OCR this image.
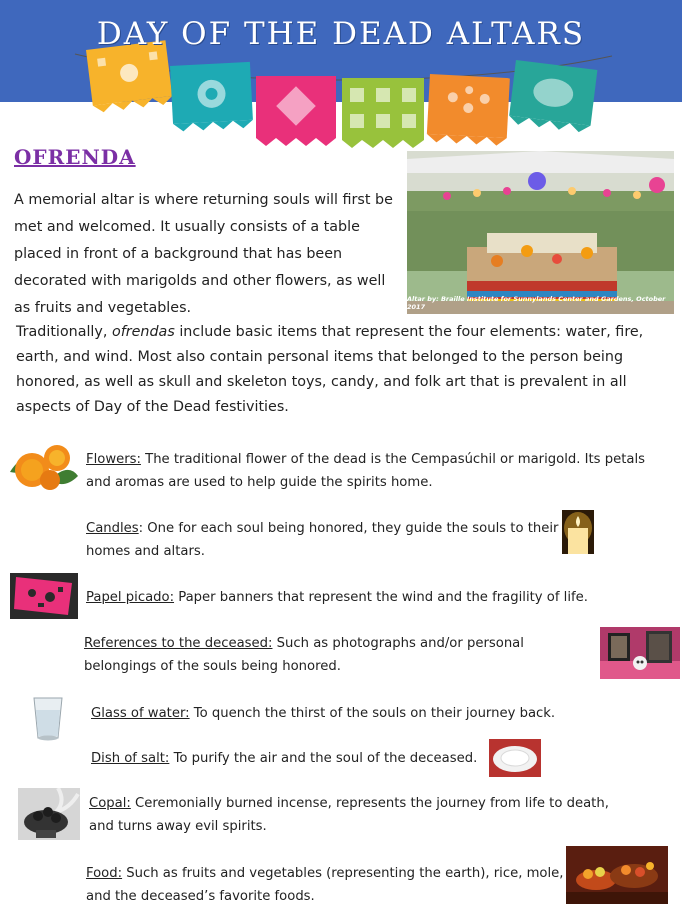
DAY OF THE DEAD ALTARS
OFRENDA
A memorial altar is where returning souls will first be met and welcomed. It usually consists of a table placed in front of a background that has been decorated with marigolds and other flowers, as well as fruits and vegetables.
Altar by: Braille Institute for Sunnylands Center and Gardens, October 2017
Traditionally, ofrendas include basic items that represent the four elements: water, fire, earth, and wind. Most also contain personal items that belonged to the person being honored, as well as skull and skeleton toys, candy, and folk art that is prevalent in all aspects of Day of the Dead festivities.
Flowers: The traditional flower of the dead is the Cempasúchil or marigold. Its petals and aromas are used to help guide the spirits home.
Candles: One for each soul being honored, they guide the souls to their homes and altars.
Papel picado: Paper banners that represent the wind and the fragility of life.
References to the deceased: Such as photographs and/or personal belongings of the souls being honored.
Glass of water: To quench the thirst of the souls on their journey back.
Dish of salt: To purify the air and the soul of the deceased.
Copal: Ceremonially burned incense, represents the journey from life to death, and turns away evil spirits.
Food: Such as fruits and vegetables (representing the earth), rice, mole, and the deceased’s favorite foods.
